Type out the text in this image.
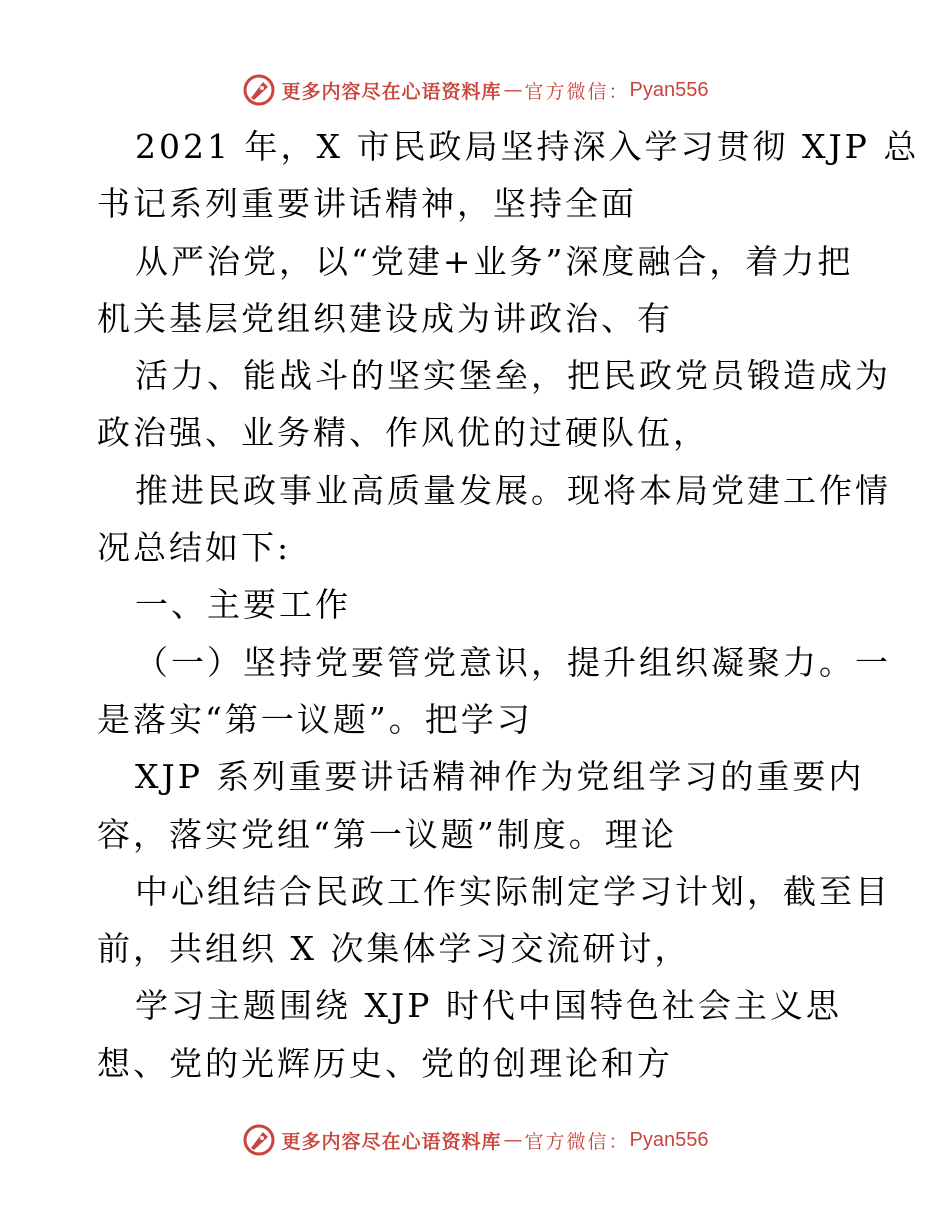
更多内容尽在心语资料库 — 官方微信： Pyan556
2021 年，X 市民政局坚持深入学习贯彻 XJP 总
书记系列重要讲话精神，坚持全面
从严治党，以“党建+业务”深度融合，着力把
机关基层党组织建设成为讲政治、有
活力、能战斗的坚实堡垒，把民政党员锻造成为
政治强、业务精、作风优的过硬队伍，
推进民政事业高质量发展。现将本局党建工作情
况总结如下:
一、主要工作
（一）坚持党要管党意识，提升组织凝聚力。一
是落实“第一议题”。把学习
XJP 系列重要讲话精神作为党组学习的重要内
容，落实党组“第一议题”制度。理论
中心组结合民政工作实际制定学习计划，截至目
前，共组织 X 次集体学习交流研讨，
学习主题围绕 XJP 时代中国特色社会主义思
想、党的光辉历史、党的创理论和方
更多内容尽在心语资料库 — 官方微信： Pyan556
